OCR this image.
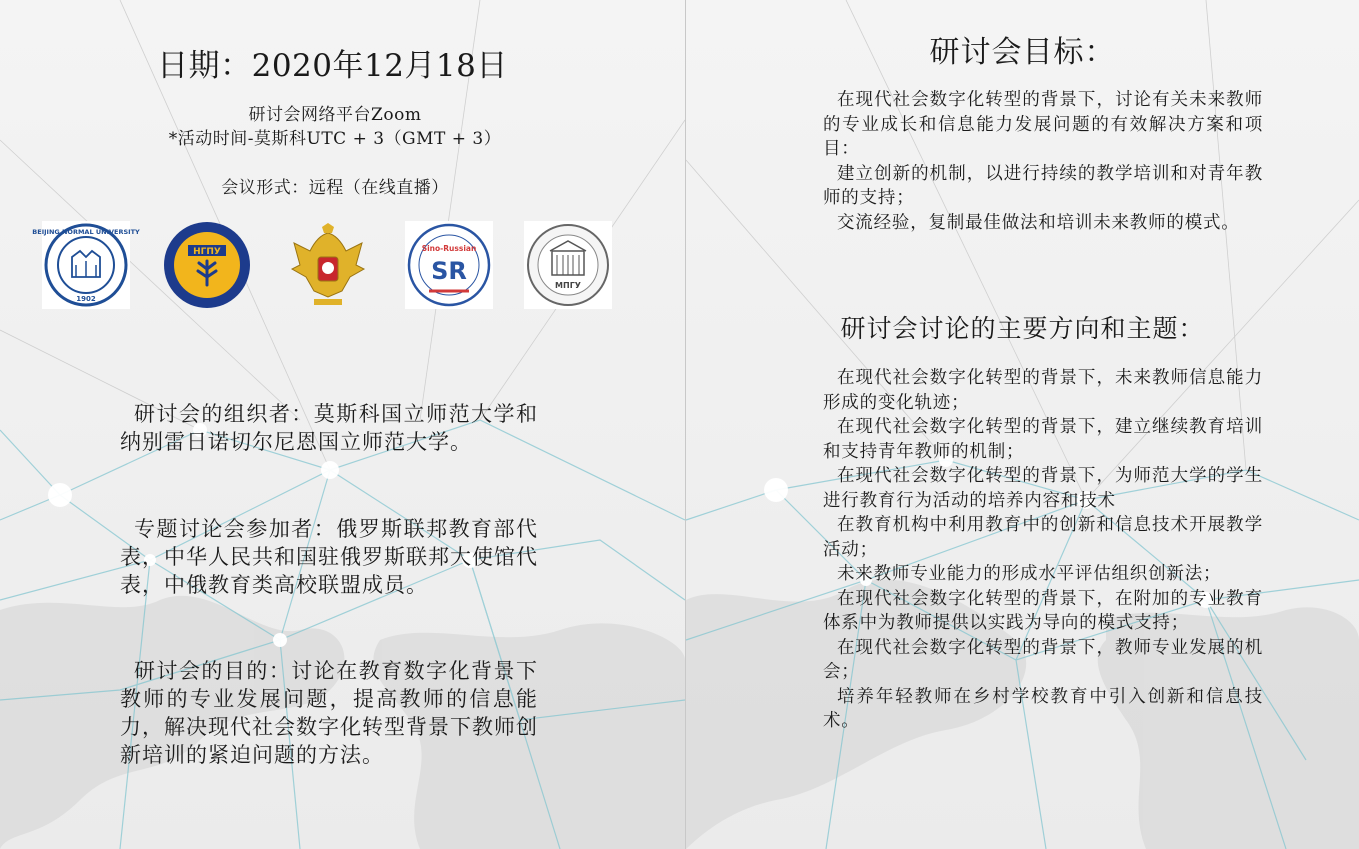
日期：2020年12月18日
研讨会网络平台Zoom
*活动时间-莫斯科UTC + 3（GMT + 3）
会议形式：远程（在线直播）
BEIJING NORMAL UNIVERSITY
1902
НГПУ	Sino-Russian
SR
МПГУ
研讨会的组织者：莫斯科国立师范大学和纳别雷日诺切尔尼恩国立师范大学。
专题讨论会参加者：俄罗斯联邦教育部代表，中华人民共和国驻俄罗斯联邦大使馆代表，中俄教育类高校联盟成员。
研讨会的目的：讨论在教育数字化背景下教师的专业发展问题，提高教师的信息能力，解决现代社会数字化转型背景下教师创新培训的紧迫问题的方法。
研讨会目标：

在现代社会数字化转型的背景下，讨论有关未来教师的专业成长和信息能力发展问题的有效解决方案和项目：

建立创新的机制，以进行持续的教学培训和对青年教师的支持；

交流经验，复制最佳做法和培训未来教师的模式。

研讨会讨论的主要方向和主题：

在现代社会数字化转型的背景下，未来教师信息能力形成的变化轨迹；

在现代社会数字化转型的背景下，建立继续教育培训和支持青年教师的机制；

在现代社会数字化转型的背景下，为师范大学的学生进行教育行为活动的培养内容和技术

在教育机构中利用教育中的创新和信息技术开展教学活动；

未来教师专业能力的形成水平评估组织创新法；

在现代社会数字化转型的背景下，在附加的专业教育体系中为教师提供以实践为导向的模式支持；

在现代社会数字化转型的背景下，教师专业发展的机会；

培养年轻教师在乡村学校教育中引入创新和信息技术。
